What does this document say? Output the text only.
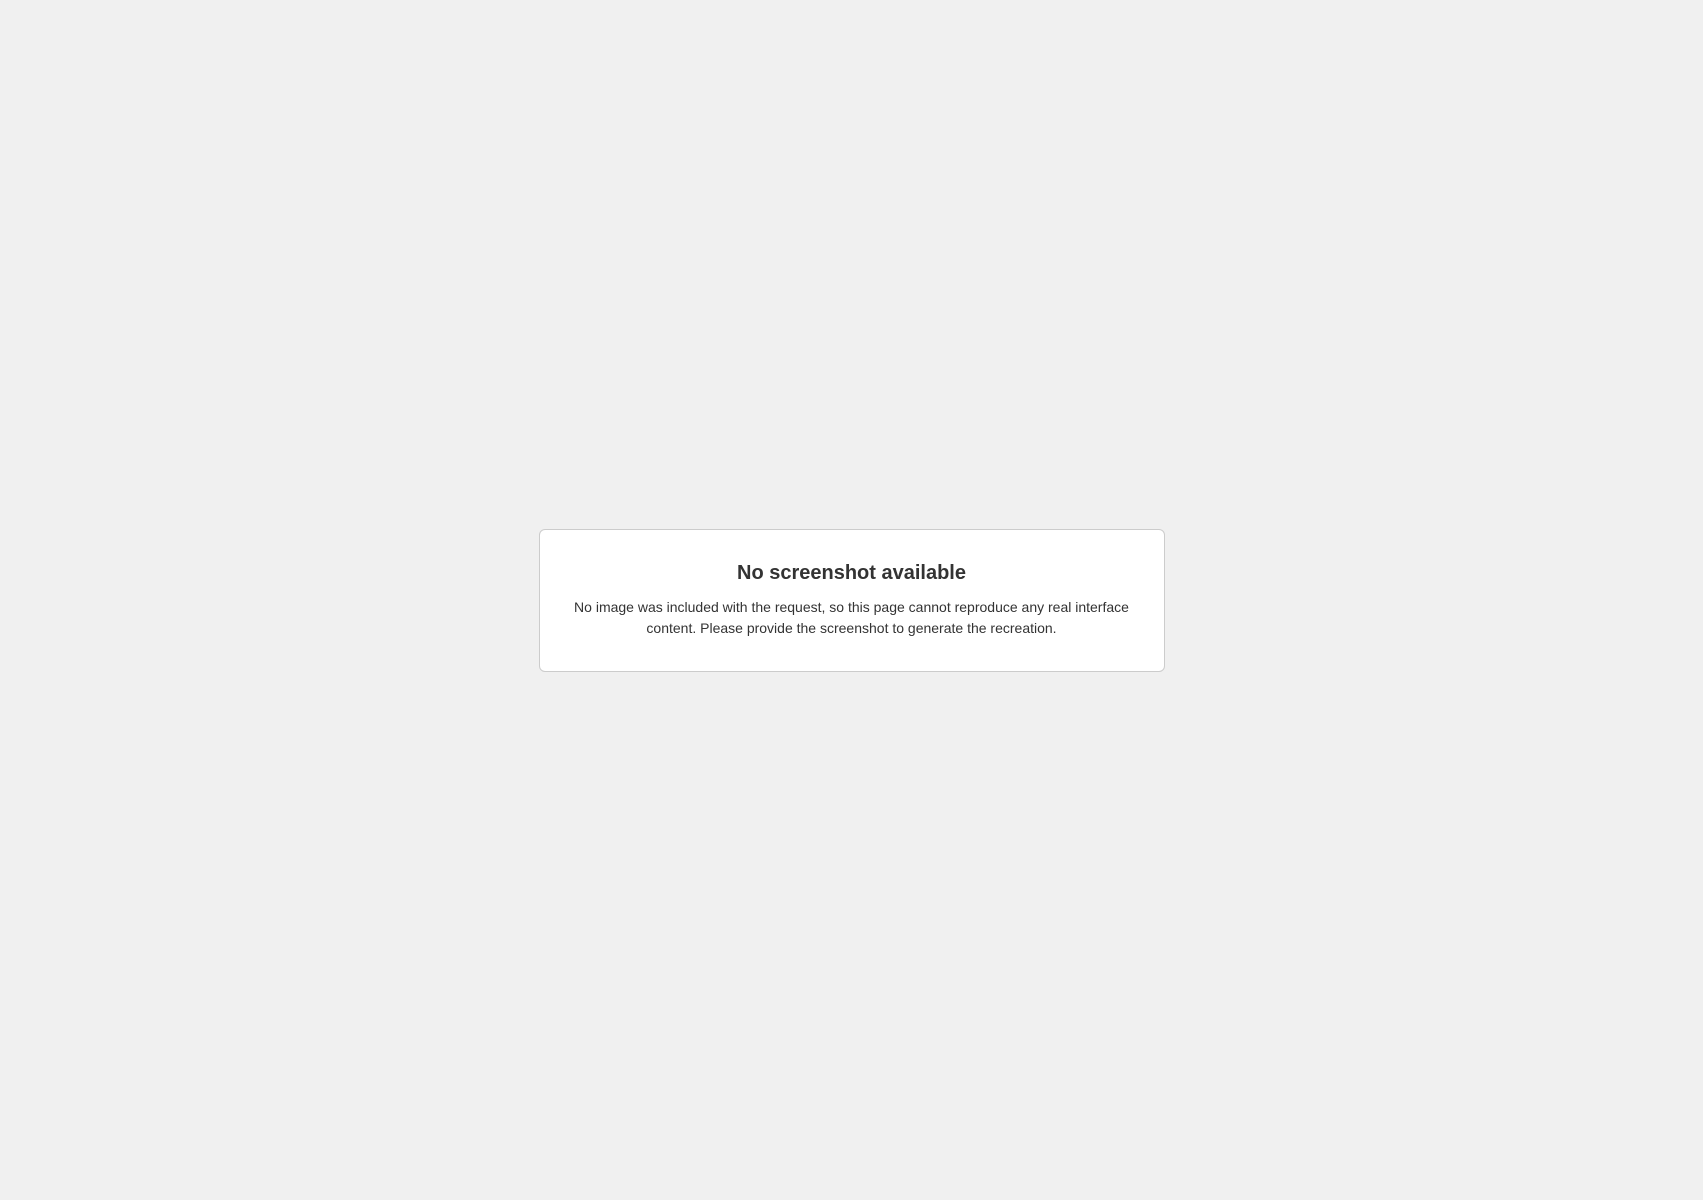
No screenshot available

No image was included with the request, so this page cannot reproduce any real interface content. Please provide the screenshot to generate the recreation.
